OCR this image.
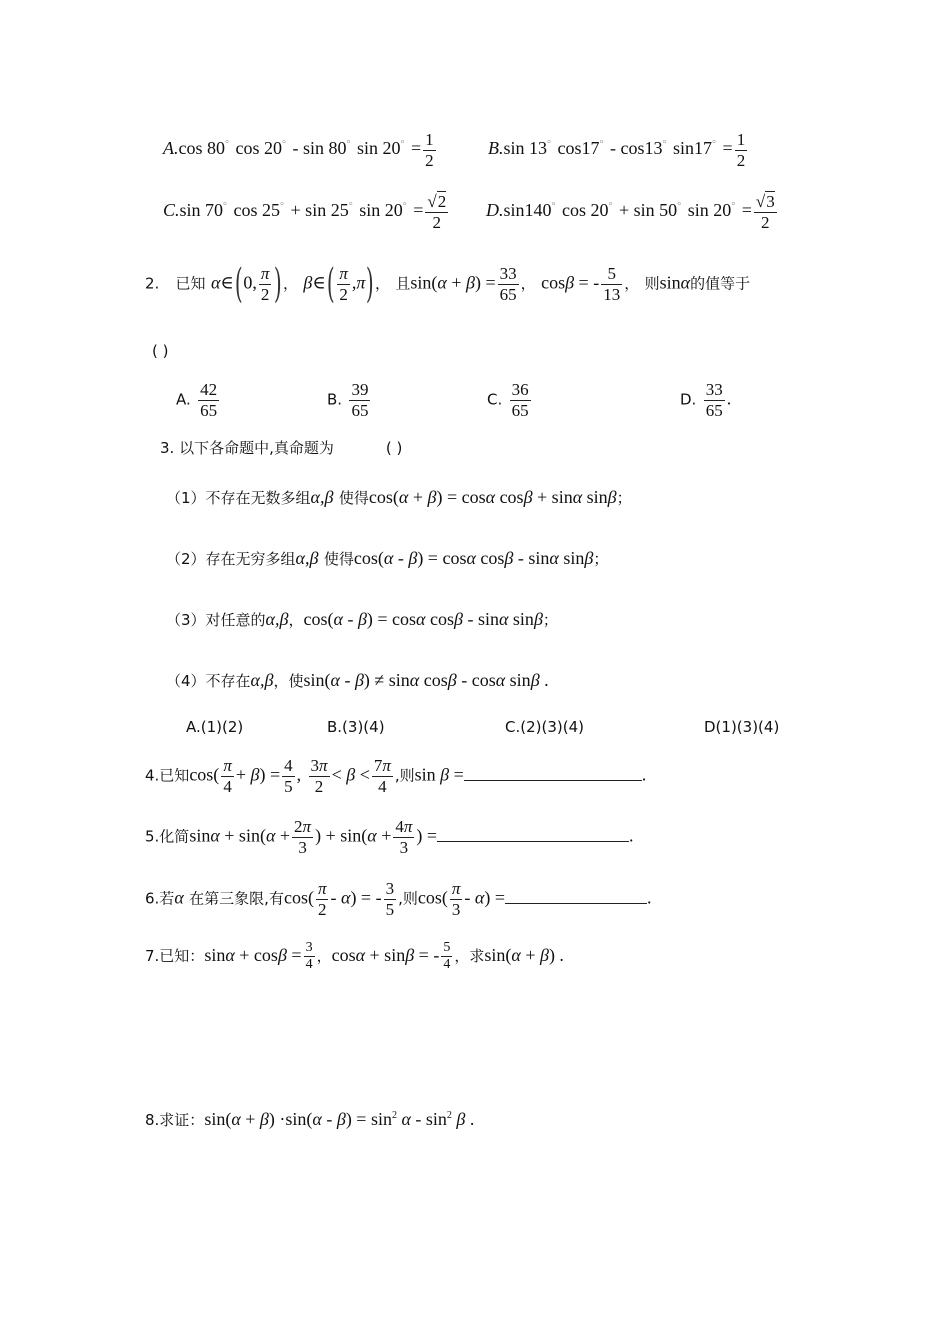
A.cos 80° cos 20° - sin 80° $\sin 20^\circ = \frac{1}{2}$	B.sin 13° cos17° - cos13° $\sin 17^\circ = \frac{1}{2}$
C.sin 70° cos 25° + sin 25° $\sin 20^\circ = \frac{√2}{2} D.\sin 140^\circ$ cos 20° + sin 50° $\sin 20^\circ = \frac{√3}{2}$
2. 已知 α∈(0, $\frac{\pi}{2}$ )， β∈( $\frac{\pi}{2} ,\pi$)， 且$\sin(\alpha + \beta) = \frac{33}{65}$ ， cosβ = - $\frac{5}{13}$ ， 则sinα的值等于
( )
A. $\frac{42}{65}$	B. $\frac{39}{65}$	C. $\frac{36}{65}$	D. $\frac{33}{65}$ .
3. 以下各命题中,真命题为	( )
（1）不存在无数多组α,β 使得cos(α + β) = cosα cosβ + sinα sinβ；
（2）存在无穷多组α,β 使得cos(α - β) = cosα cosβ - sinα sinβ；
（3）对任意的α,β，cos(α - β) = cosα cosβ - sinα sinβ；
（4）不存在α,β，使sin(α - β) ≠ sinα cosβ - cosα sinβ .
A.(1)(2)	B.(3)(4)	C.(2)(3)(4)	D(1)(3)(4)
4.已知$\cos( \frac{\pi}{4} + \beta) = \frac{4}{5}$ , $\frac{3\pi}{2} < \beta < \frac{7\pi}{4}$ ,则sin β =	.
5.化简$\sin\alpha + \sin(\alpha + \frac{2\pi}{3}$ ) + $\sin(\alpha + \frac{4\pi}{3}$ ) =	.
6.若α 在第三象限,有$\cos( \frac{\pi}{2} - \alpha)$ = - $\frac{3}{5}$ ,则$\cos( \frac{\pi}{3} - \alpha)$ =	.
7.已知：$\sin\alpha + \cos\beta = \frac{3}{4}$ ，cosα + sinβ = - $\frac{5}{4}$ ，求sin(α + β) .
8.求证：$\sin(\alpha + \beta) \cdot\sin(\alpha - \beta) = \sin^2 \alpha - \sin^2 \beta$ .
